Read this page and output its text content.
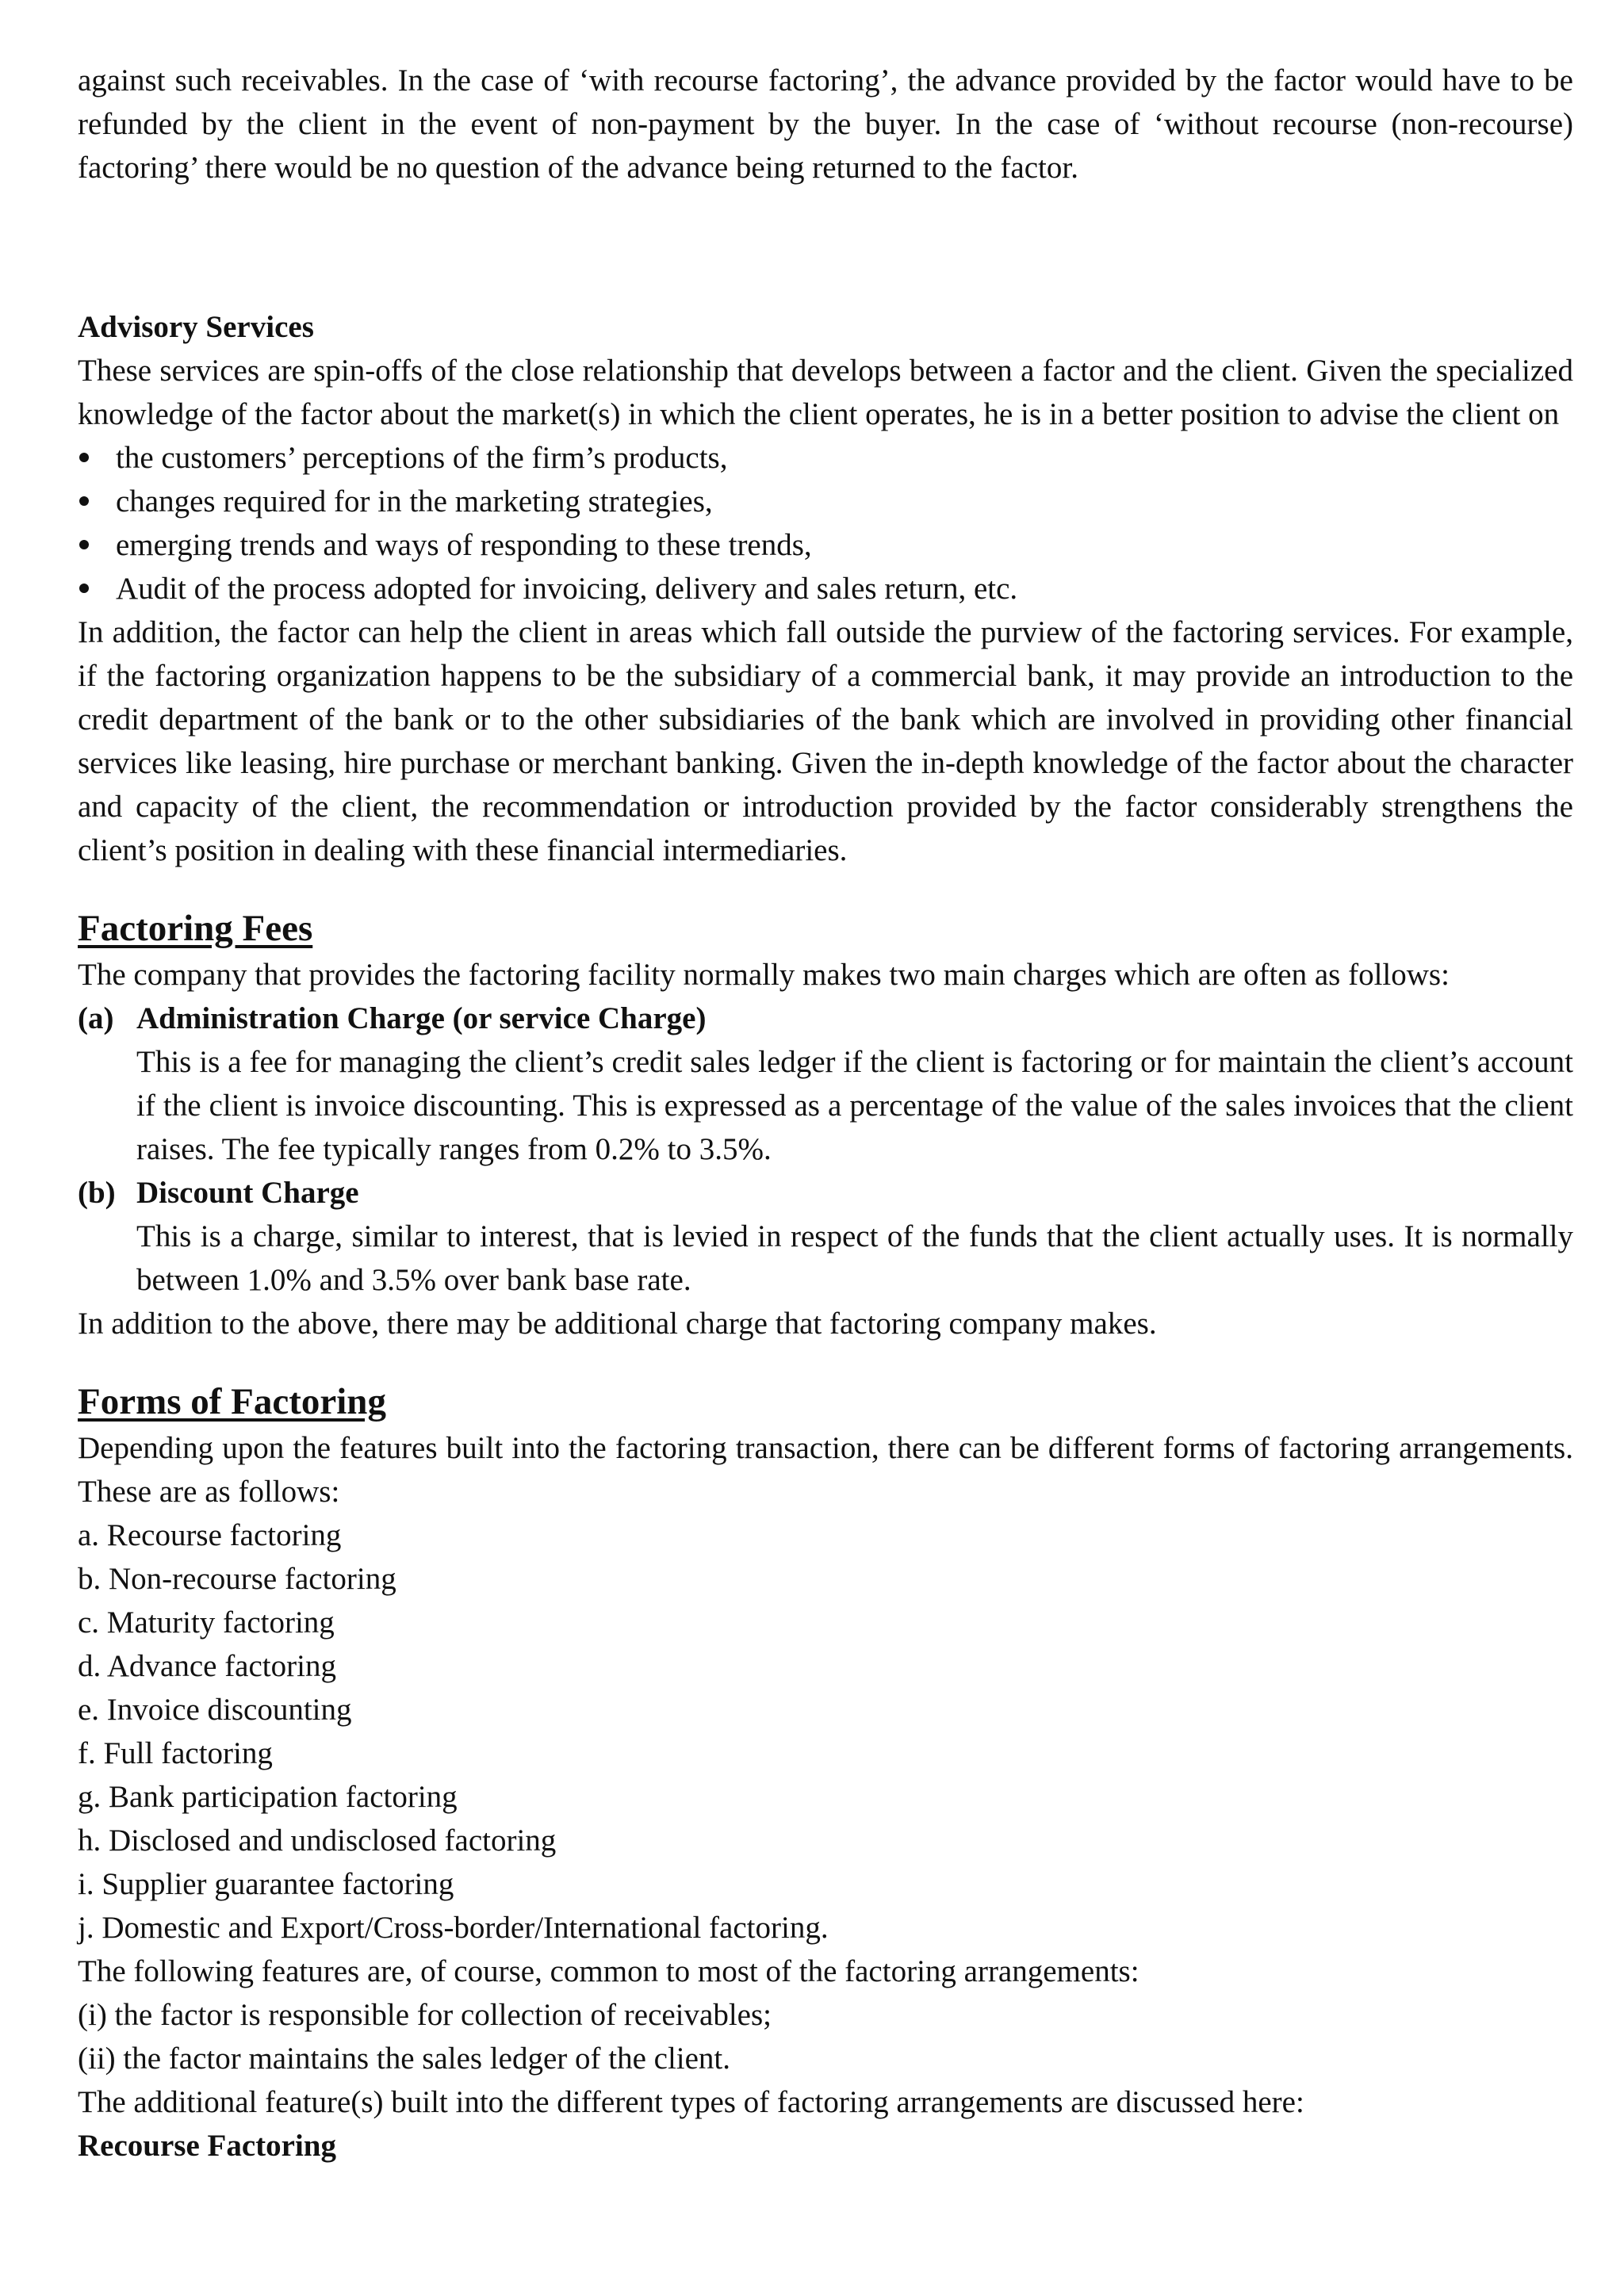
against such receivables. In the case of ‘with recourse factoring’, the advance provided by the factor would have to be refunded by the client in the event of non-payment by the buyer. In the case of ‘without recourse (non-recourse) factoring’ there would be no question of the advance being returned to the factor.

Advisory Services

These services are spin-offs of the close relationship that develops between a factor and the client. Given the specialized knowledge of the factor about the market(s) in which the client operates, he is in a better position to advise the client on

the customers’ perceptions of the firm’s products,
changes required for in the marketing strategies,
emerging trends and ways of responding to these trends,
Audit of the process adopted for invoicing, delivery and sales return, etc.

In addition, the factor can help the client in areas which fall outside the purview of the factoring services. For example, if the factoring organization happens to be the subsidiary of a commercial bank, it may provide an introduction to the credit department of the bank or to the other subsidiaries of the bank which are involved in providing other financial services like leasing, hire purchase or merchant banking. Given the in-depth knowledge of the factor about the character and capacity of the client, the recommendation or introduction provided by the factor considerably strengthens the client’s position in dealing with these financial intermediaries.

Factoring Fees

The company that provides the factoring facility normally makes two main charges which are often as follows:

(a) Administration Charge (or service Charge)

This is a fee for managing the client’s credit sales ledger if the client is factoring or for maintain the client’s account if the client is invoice discounting. This is expressed as a percentage of the value of the sales invoices that the client raises. The fee typically ranges from 0.2% to 3.5%.

(b) Discount Charge

This is a charge, similar to interest, that is levied in respect of the funds that the client actually uses. It is normally between 1.0% and 3.5% over bank base rate.

In addition to the above, there may be additional charge that factoring company makes.

Forms of Factoring

Depending upon the features built into the factoring transaction, there can be different forms of factoring arrangements. These are as follows:

a. Recourse factoring
b. Non-recourse factoring
c. Maturity factoring
d. Advance factoring
e. Invoice discounting
f. Full factoring
g. Bank participation factoring
h. Disclosed and undisclosed factoring
i. Supplier guarantee factoring
j. Domestic and Export/Cross-border/International factoring.

The following features are, of course, common to most of the factoring arrangements:

(i) the factor is responsible for collection of receivables;
(ii) the factor maintains the sales ledger of the client.

The additional feature(s) built into the different types of factoring arrangements are discussed here:

Recourse Factoring
